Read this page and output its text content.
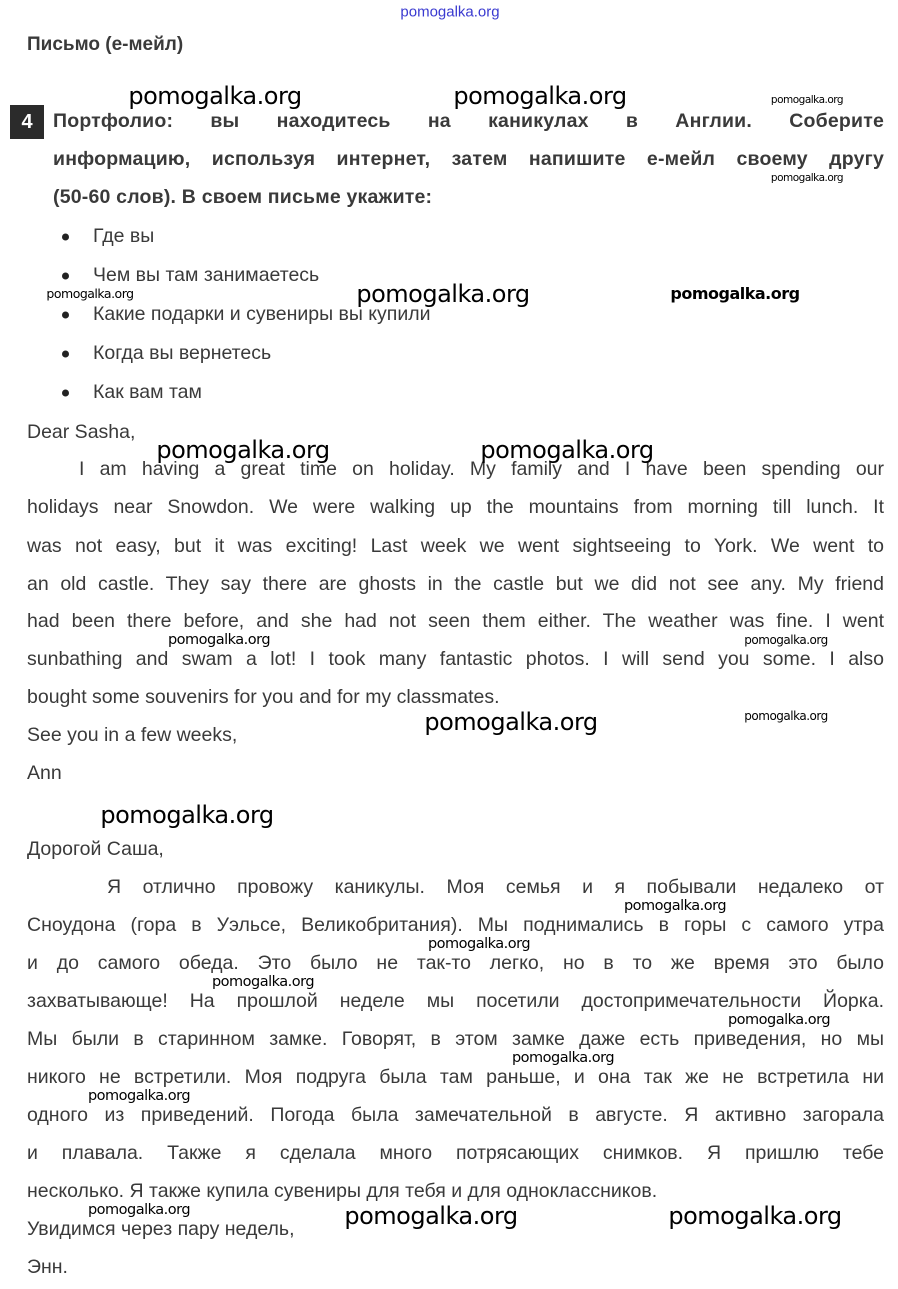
Письмо (е-мейл)
4	Портфолио: вы находитесь на каникулах в Англии. Соберите
информацию, используя интернет, затем напишите е-мейл своему другу
(50-60 слов). В своем письме укажите:
Где вы
Чем вы там занимаетесь
Какие подарки и сувениры вы купили
Когда вы вернетесь
Как вам там
Dear Sasha,
I am having a great time on holiday. My family and I have been spending our
holidays near Snowdon. We were walking up the mountains from morning till lunch. It
was not easy, but it was exciting! Last week we went sightseeing to York. We went to
an old castle. They say there are ghosts in the castle but we did not see any. My friend
had been there before, and she had not seen them either. The weather was fine. I went
sunbathing and swam a lot! I took many fantastic photos. I will send you some. I also
bought some souvenirs for you and for my classmates.
See you in a few weeks,
Ann
Дорогой Саша,
Я отлично провожу каникулы. Моя семья и я побывали недалеко от
Сноудона (гора в Уэльсе, Великобритания). Мы поднимались в горы с самого утра
и до самого обеда. Это было не так-то легко, но в то же время это было
захватывающе! На прошлой неделе мы посетили достопримечательности Йорка.
Мы были в старинном замке. Говорят, в этом замке даже есть приведения, но мы
никого не встретили. Моя подруга была там раньше, и она так же не встретила ни
одного из приведений. Погода была замечательной в августе. Я активно загорала
и плавала. Также я сделала много потрясающих снимков. Я пришлю тебе
несколько. Я также купила сувениры для тебя и для одноклассников.
Увидимся через пару недель,
Энн.
pomogalka.org
pomogalka.org	pomogalka.org	pomogalka.org
pomogalka.org
pomogalka.org
pomogalka.org	pomogalka.org
pomogalka.org	pomogalka.org
pomogalka.org	pomogalka.org
pomogalka.org	pomogalka.org
pomogalka.org
pomogalka.org
pomogalka.org
pomogalka.org
pomogalka.org
pomogalka.org
pomogalka.org
pomogalka.org	pomogalka.org	pomogalka.org
